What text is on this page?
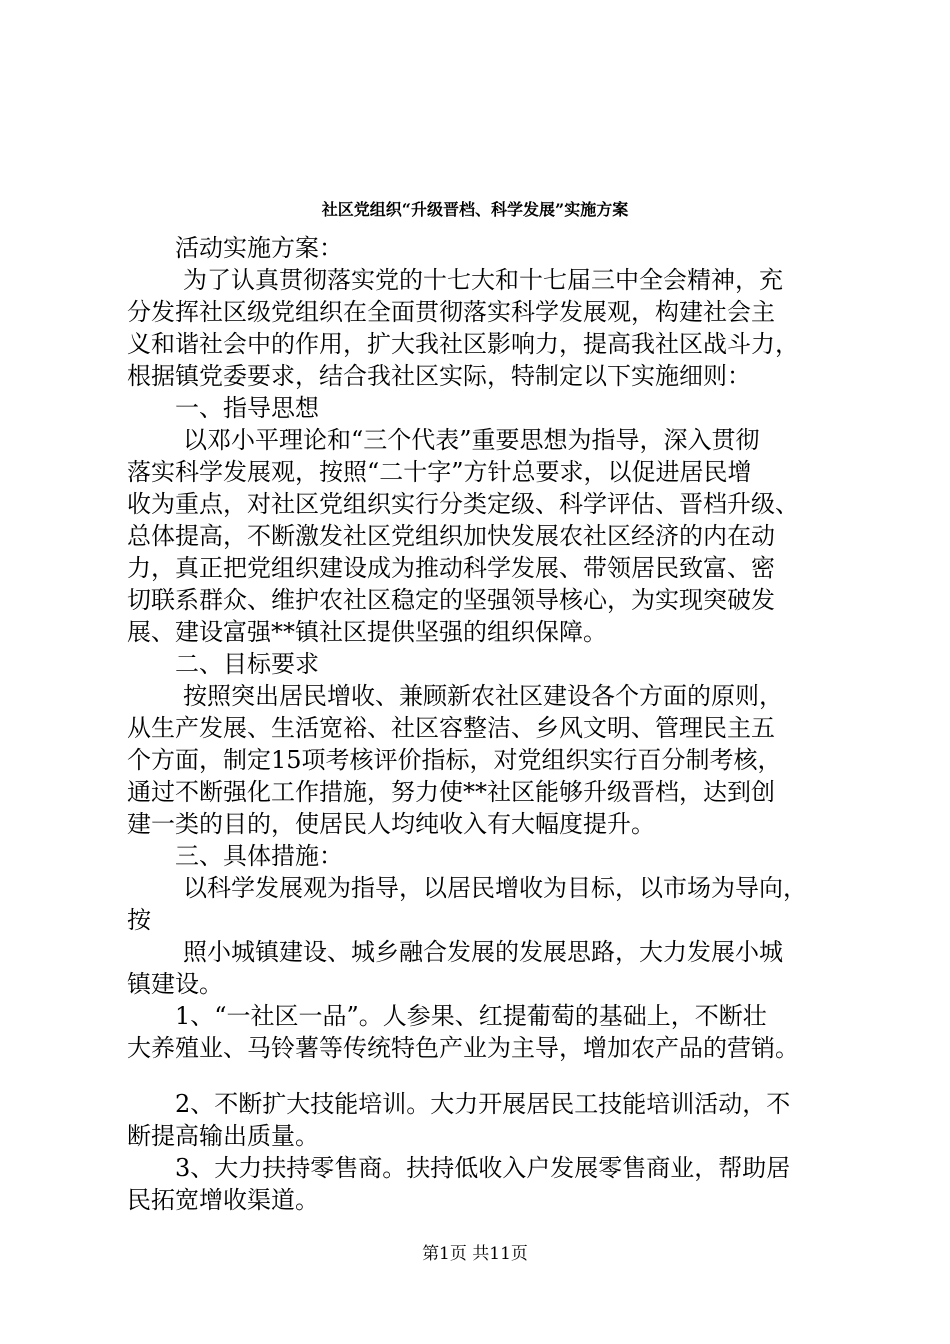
社区党组织“升级晋档、科学发展”实施方案
活动实施方案：
为了认真贯彻落实党的十七大和十七届三中全会精神，充
分发挥社区级党组织在全面贯彻落实科学发展观，构建社会主
义和谐社会中的作用，扩大我社区影响力，提高我社区战斗力，
根据镇党委要求，结合我社区实际，特制定以下实施细则：
一、指导思想
以邓小平理论和“三个代表”重要思想为指导，深入贯彻
落实科学发展观，按照“二十字”方针总要求，以促进居民增
收为重点，对社区党组织实行分类定级、科学评估、晋档升级、
总体提高，不断激发社区党组织加快发展农社区经济的内在动
力，真正把党组织建设成为推动科学发展、带领居民致富、密
切联系群众、维护农社区稳定的坚强领导核心，为实现突破发
展、建设富强**镇社区提供坚强的组织保障。
二、目标要求
按照突出居民增收、兼顾新农社区建设各个方面的原则，
从生产发展、生活宽裕、社区容整洁、乡风文明、管理民主五
个方面，制定15项考核评价指标，对党组织实行百分制考核，
通过不断强化工作措施，努力使**社区能够升级晋档，达到创
建一类的目的，使居民人均纯收入有大幅度提升。
三、具体措施：
以科学发展观为指导，以居民增收为目标，以市场为导向，
按
照小城镇建设、城乡融合发展的发展思路，大力发展小城
镇建设。
1、“一社区一品”。人参果、红提葡萄的基础上，不断壮
大养殖业、马铃薯等传统特色产业为主导，增加农产品的营销。
2、不断扩大技能培训。大力开展居民工技能培训活动，不
断提高输出质量。
3、大力扶持零售商。扶持低收入户发展零售商业，帮助居
民拓宽增收渠道。
第1页 共11页
